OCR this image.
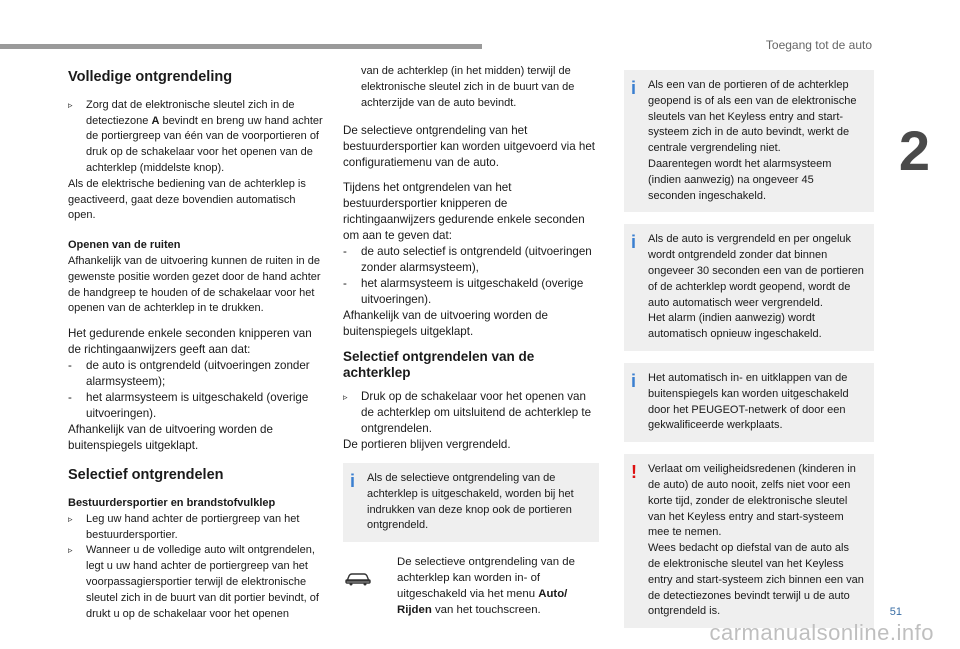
Toegang tot de auto
2
Volledige ontgrendeling

▹ Zorg dat de elektronische sleutel zich in de detectiezone A bevindt en breng uw hand achter de portiergreep van één van de voorportieren of druk op de schakelaar voor het openen van de achterklep (middelste knop).

Als de elektrische bediening van de achterklep is geactiveerd, gaat deze bovendien automatisch open.

Openen van de ruiten

Afhankelijk van de uitvoering kunnen de ruiten in de gewenste positie worden gezet door de hand achter de handgreep te houden of de schakelaar voor het openen van de achterklep in te drukken.

Het gedurende enkele seconden knipperen van de richtingaanwijzers geeft aan dat:

- de auto is ontgrendeld (uitvoeringen zonder alarmsysteem);

- het alarmsysteem is uitgeschakeld (overige uitvoeringen).

Afhankelijk van de uitvoering worden de buitenspiegels uitgeklapt.

Selectief ontgrendelen

Bestuurdersportier en brandstofvulklep

▹ Leg uw hand achter de portiergreep van het bestuurdersportier.

▹ Wanneer u de volledige auto wilt ontgrendelen, legt u uw hand achter de portiergreep van het voorpassagiersportier terwijl de elektronische sleutel zich in de buurt van dit portier bevindt, of drukt u op de schakelaar voor het openen

van de achterklep (in het midden) terwijl de elektronische sleutel zich in de buurt van de achterzijde van de auto bevindt.

De selectieve ontgrendeling van het bestuurdersportier kan worden uitgevoerd via het configuratiemenu van de auto.

Tijdens het ontgrendelen van het bestuurdersportier knipperen de richtingaanwijzers gedurende enkele seconden om aan te geven dat:

- de auto selectief is ontgrendeld (uitvoeringen zonder alarmsysteem),

- het alarmsysteem is uitgeschakeld (overige uitvoeringen).

Afhankelijk van de uitvoering worden de buitenspiegels uitgeklapt.

Selectief ontgrendelen van de achterklep

▹ Druk op de schakelaar voor het openen van de achterklep om uitsluitend de achterklep te ontgrendelen.

De portieren blijven vergrendeld.

i Als de selectieve ontgrendeling van de achterklep is uitgeschakeld, worden bij het indrukken van deze knop ook de portieren ontgrendeld.
De selectieve ontgrendeling van de achterklep kan worden in- of uitgeschakeld via het menu Auto/ Rijden van het touchscreen.
i Als een van de portieren of de achterklep geopend is of als een van de elektronische sleutels van het Keyless entry and start-systeem zich in de auto bevindt, werkt de centrale vergrendeling niet.
Daarentegen wordt het alarmsysteem (indien aanwezig) na ongeveer 45 seconden ingeschakeld.
i Als de auto is vergrendeld en per ongeluk wordt ontgrendeld zonder dat binnen ongeveer 30 seconden een van de portieren of de achterklep wordt geopend, wordt de auto automatisch weer vergrendeld.
Het alarm (indien aanwezig) wordt automatisch opnieuw ingeschakeld.
i Het automatisch in- en uitklappen van de buitenspiegels kan worden uitgeschakeld door het PEUGEOT-netwerk of door een gekwalificeerde werkplaats.
! Verlaat om veiligheidsredenen (kinderen in de auto) de auto nooit, zelfs niet voor een korte tijd, zonder de elektronische sleutel van het Keyless entry and start-systeem mee te nemen.
Wees bedacht op diefstal van de auto als de elektronische sleutel van het Keyless entry and start-systeem zich binnen een van de detectiezones bevindt terwijl u de auto ontgrendeld is.	51
carmanualsonline.info
